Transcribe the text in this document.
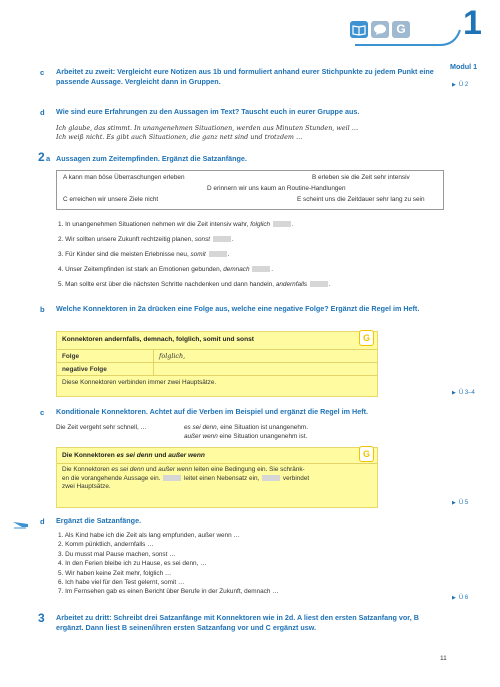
G 1
Modul 1
c Arbeitet zu zweit: Vergleicht eure Notizen aus 1b und formuliert anhand eurer Stichpunkte zu jedem Punkt eine passende Aussage. Vergleicht dann in Gruppen.	▶ Ü 2
d Wie sind eure Erfahrungen zu den Aussagen im Text? Tauscht euch in eurer Gruppe aus.
Ich glaube, das stimmt. In unangenehmen Situationen, werden aus Minuten Stunden, weil …
Ich weiß nicht. Es gibt auch Situationen, die ganz nett sind und trotzdem …
2 a Aussagen zum Zeitempfinden. Ergänzt die Satzanfänge.
A kann man böse Überraschungen erleben	B erleben sie die Zeit sehr intensiv
D erinnern wir uns kaum an Routine-Handlungen
C erreichen wir unsere Ziele nicht	E scheint uns die Zeitdauer sehr lang zu sein
1. In unangenehmen Situationen nehmen wir die Zeit intensiv wahr, folglich	.
2. Wir sollten unsere Zukunft rechtzeitig planen, sonst	.
3. Für Kinder sind die meisten Erlebnisse neu, somit	.
4. Unser Zeitempfinden ist stark an Emotionen gebunden, demnach	.
5. Man sollte erst über die nächsten Schritte nachdenken und dann handeln, andernfalls	.
b Welche Konnektoren in 2a drücken eine Folge aus, welche eine negative Folge? Ergänzt die Regel im Heft.
Konnektoren andernfalls, demnach, folglich, somit und sonst	G
Folge	folglich,
negative Folge	
Diese Konnektoren verbinden immer zwei Hauptsätze.	
▶ Ü 3–4
c Konditionale Konnektoren. Achtet auf die Verben im Beispiel und ergänzt die Regel im Heft.
Die Zeit vergeht sehr schnell, …	es sei denn, eine Situation ist unangenehm.
außer wenn eine Situation unangenehm ist.
Die Konnektoren es sei denn und außer wenn	G
Die Konnektoren es sei denn und außer wenn leiten eine Bedingung ein. Sie schränk-
en die vorangehende Aussage ein.	leitet einen Nebensatz ein,	verbindet
zwei Hauptsätze.
▶ Ü 5
d Ergänzt die Satzanfänge.
1. Als Kind habe ich die Zeit als lang empfunden, außer wenn …
2. Komm pünktlich, andernfalls …
3. Du musst mal Pause machen, sonst …
4. In den Ferien bleibe ich zu Hause, es sei denn, …
5. Wir haben keine Zeit mehr, folglich …
6. Ich habe viel für den Test gelernt, somit …
7. Im Fernsehen gab es einen Bericht über Berufe in der Zukunft, demnach …
▶ Ü 6
3 Arbeitet zu dritt: Schreibt drei Satzanfänge mit Konnektoren wie in 2d. A liest den ersten Satzanfang vor, B ergänzt. Dann liest B seinen/ihren ersten Satzanfang vor und C ergänzt usw.
11
